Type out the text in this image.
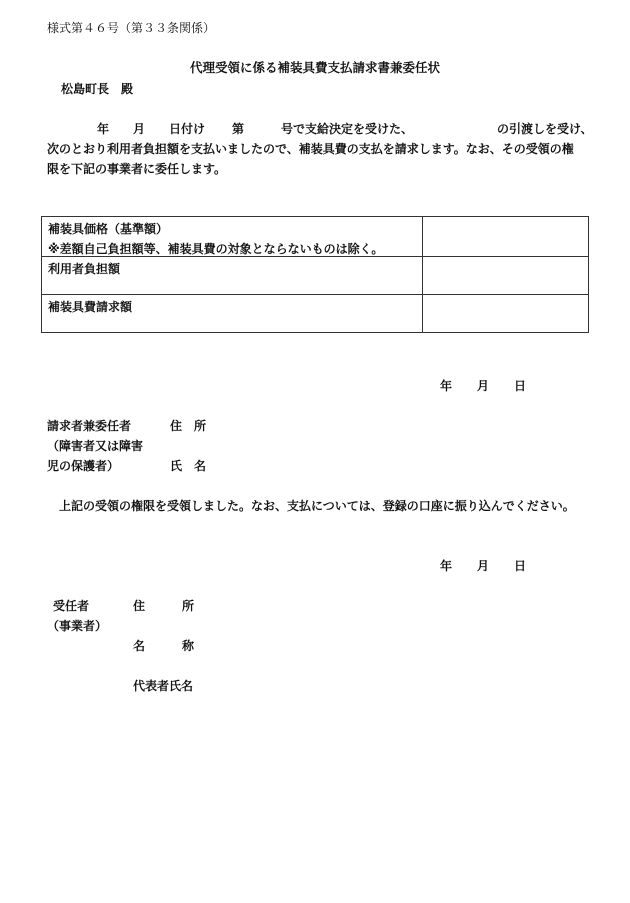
様式第４６号（第３３条関係）
代理受領に係る補装具費支払請求書兼委任状
松島町長　殿
年 月 日付け 第	号で支給決定を受けた、	の引渡しを受け、
次のとおり利用者負担額を支払いましたので、補装具費の支払を請求します。なお、その受領の権
限を下記の事業者に委任します。
補装具価格（基準額）
※差額自己負担額等、補装具費の対象とならないものは除く。	

利用者負担額	

補装具費請求額	

年 月 日
請求者兼委任者	住　所
（障害者又は障害
児の保護者）	氏　名
上記の受領の権限を受領しました。なお、支払については、登録の口座に振り込んでください。
年 月 日
受任者	住	所
（事業者）
名	称
代表者氏名
